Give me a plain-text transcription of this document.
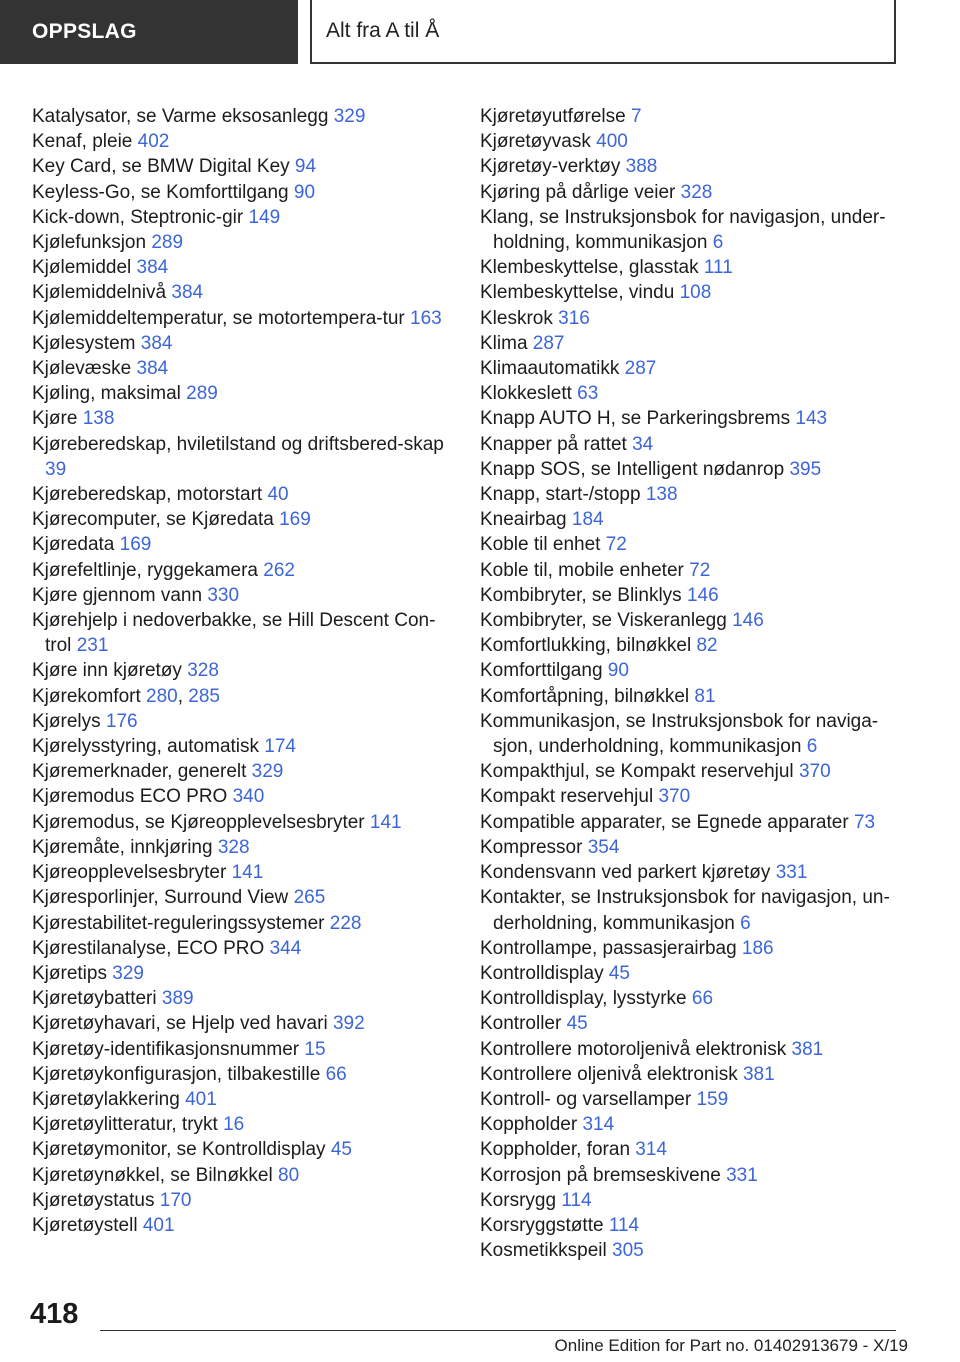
OPPSLAG	Alt fra A til Å
Katalysator, se Varme eksosanlegg 329
Kenaf, pleie 402
Key Card, se BMW Digital Key 94
Keyless-Go, se Komforttilgang 90
Kick-down, Steptronic-gir 149
Kjølefunksjon 289
Kjølemiddel 384
Kjølemiddelnivå 384
Kjølemiddeltemperatur, se motortempera‐tur 163
Kjølesystem 384
Kjølevæske 384
Kjøling, maksimal 289
Kjøre 138
Kjøreberedskap, hviletilstand og driftsbered‐skap 39
Kjøreberedskap, motorstart 40
Kjørecomputer, se Kjøredata 169
Kjøredata 169
Kjørefeltlinje, ryggekamera 262
Kjøre gjennom vann 330
Kjørehjelp i nedoverbakke, se Hill Descent Con‐trol 231
Kjøre inn kjøretøy 328
Kjørekomfort 280, 285
Kjørelys 176
Kjørelysstyring, automatisk 174
Kjøremerknader, generelt 329
Kjøremodus ECO PRO 340
Kjøremodus, se Kjøreopplevelsesbryter 141
Kjøremåte, innkjøring 328
Kjøreopplevelsesbryter 141
Kjøresporlinjer, Surround View 265
Kjørestabilitet-reguleringssystemer 228
Kjørestilanalyse, ECO PRO 344
Kjøretips 329
Kjøretøybatteri 389
Kjøretøyhavari, se Hjelp ved havari 392
Kjøretøy-identifikasjonsnummer 15
Kjøretøykonfigurasjon, tilbakestille 66
Kjøretøylakkering 401
Kjøretøylitteratur, trykt 16
Kjøretøymonitor, se Kontrolldisplay 45
Kjøretøynøkkel, se Bilnøkkel 80
Kjøretøystatus 170
Kjøretøystell 401
Kjøretøyutførelse 7
Kjøretøyvask 400
Kjøretøy-verktøy 388
Kjøring på dårlige veier 328
Klang, se Instruksjonsbok for navigasjon, under‐holdning, kommunikasjon 6
Klembeskyttelse, glasstak 111
Klembeskyttelse, vindu 108
Kleskrok 316
Klima 287
Klimaautomatikk 287
Klokkeslett 63
Knapp AUTO H, se Parkeringsbrems 143
Knapper på rattet 34
Knapp SOS, se Intelligent nødanrop 395
Knapp, start-/stopp 138
Kneairbag 184
Koble til enhet 72
Koble til, mobile enheter 72
Kombibryter, se Blinklys 146
Kombibryter, se Viskeranlegg 146
Komfortlukking, bilnøkkel 82
Komforttilgang 90
Komfortåpning, bilnøkkel 81
Kommunikasjon, se Instruksjonsbok for naviga‐sjon, underholdning, kommunikasjon 6
Kompakthjul, se Kompakt reservehjul 370
Kompakt reservehjul 370
Kompatible apparater, se Egnede apparater 73
Kompressor 354
Kondensvann ved parkert kjøretøy 331
Kontakter, se Instruksjonsbok for navigasjon, un‐derholdning, kommunikasjon 6
Kontrollampe, passasjerairbag 186
Kontrolldisplay 45
Kontrolldisplay, lysstyrke 66
Kontroller 45
Kontrollere motoroljenivå elektronisk 381
Kontrollere oljenivå elektronisk 381
Kontroll- og varsellamper 159
Koppholder 314
Koppholder, foran 314
Korrosjon på bremseskivene 331
Korsrygg 114
Korsryggstøtte 114
Kosmetikkspeil 305
418
Online Edition for Part no. 01402913679 - X/19
